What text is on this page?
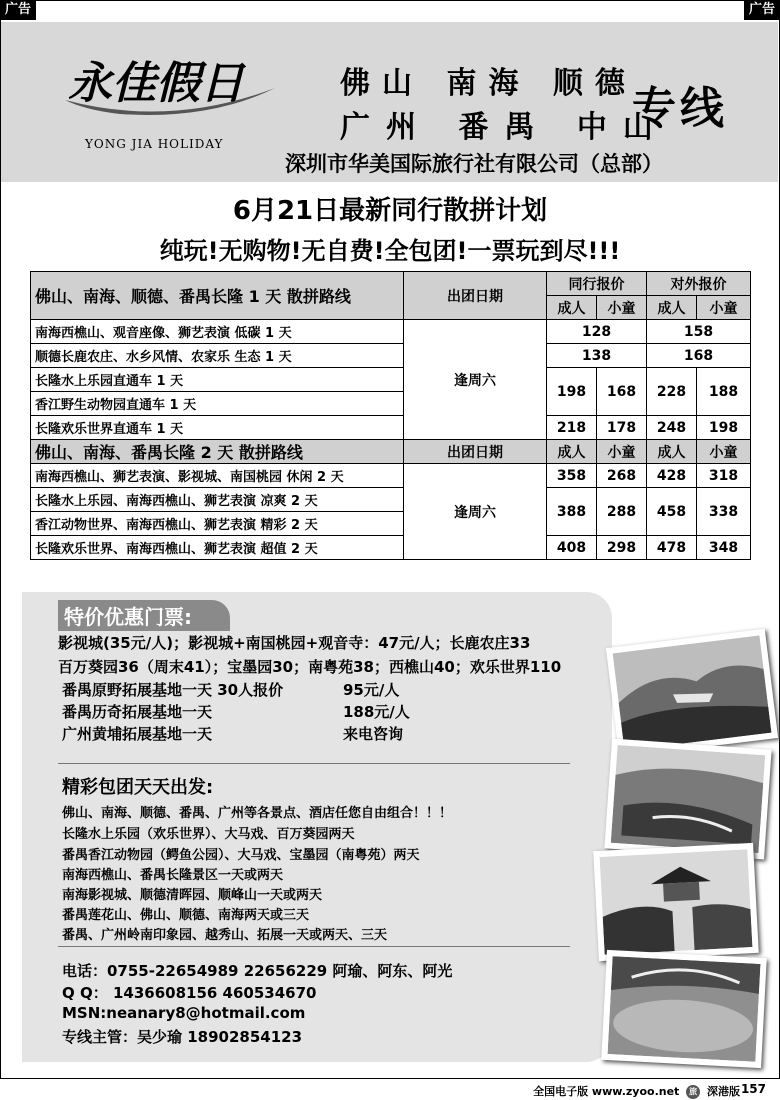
广告	广告
永佳假日
YONG JIA HOLIDAY
佛山 南海 顺德
广州 番禺 中山
专线
深圳市华美国际旅行社有限公司（总部）
6月21日最新同行散拼计划
纯玩!无购物!无自费!全包团!一票玩到尽!!!
佛山、南海、顺德、番禺长隆 1 天 散拼路线	出团日期	同行报价		对外报价	
		成人	小童	成人	小童
南海西樵山、观音座像、狮艺表演 低碳 1 天	逢周六	128		158	
顺德长鹿农庄、水乡风情、农家乐 生态 1 天		138		168	
长隆水上乐园直通车 1 天		198	168	228	188
香江野生动物园直通车 1 天					
长隆欢乐世界直通车 1 天		218	178	248	198
佛山、南海、番禺长隆 2 天 散拼路线	出团日期	成人	小童	成人	小童
南海西樵山、狮艺表演、影视城、南国桃园 休闲 2 天	逢周六	358	268	428	318
长隆水上乐园、南海西樵山、狮艺表演 凉爽 2 天		388	288	458	338
香江动物世界、南海西樵山、狮艺表演 精彩 2 天					
长隆欢乐世界、南海西樵山、狮艺表演 超值 2 天		408	298	478	348
特价优惠门票:
影视城(35元/人)；影视城+南国桃园+观音寺：47元/人；长鹿农庄33
百万葵园36（周末41）；宝墨园30；南粤苑38；西樵山40；欢乐世界110
番禺原野拓展基地一天 30人报价	95元/人
番禺历奇拓展基地一天	188元/人
广州黄埔拓展基地一天	来电咨询
精彩包团天天出发:
佛山、南海、顺德、番禺、广州等各景点、酒店任您自由组合！！！
长隆水上乐园（欢乐世界）、大马戏、百万葵园两天
番禺香江动物园（鳄鱼公园）、大马戏、宝墨园（南粤苑）两天
南海西樵山、番禺长隆景区一天或两天
南海影视城、顺德清晖园、顺峰山一天或两天
番禺莲花山、佛山、顺德、南海两天或三天
番禺、广州岭南印象园、越秀山、拓展一天或两天、三天
电话：0755-22654989 22656229 阿瑜、阿东、阿光
Q Q： 1436608156 460534670
MSN:neanary8@hotmail.com
专线主管：吴少瑜 18902854123
全国电子版 www.zyoo.net 旅 深港版 157
